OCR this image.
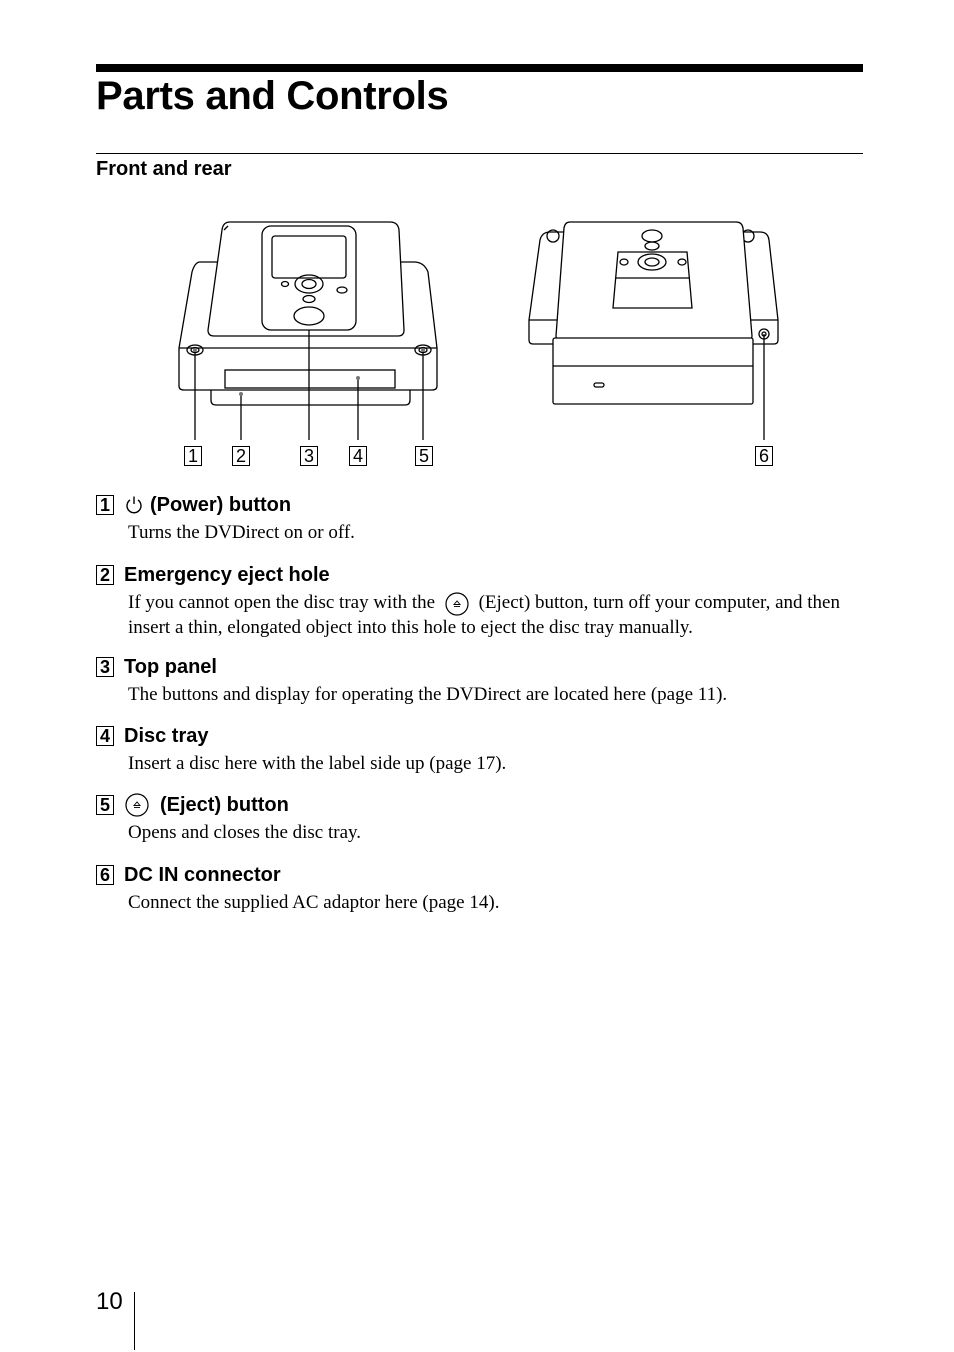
Parts and Controls
Front and rear
1 2	3 4	5	6
1 (Power) button
Turns the DVDirect on or off.
2 Emergency eject hole
If you cannot open the disc tray with the (Eject) button, turn off your computer, and then insert a thin, elongated object into this hole to eject the disc tray manually.
3 Top panel
The buttons and display for operating the DVDirect are located here (page 11).
4 Disc tray
Insert a disc here with the label side up (page 17).
5	(Eject) button
Opens and closes the disc tray.
6 DC IN connector
Connect the supplied AC adaptor here (page 14).
10
